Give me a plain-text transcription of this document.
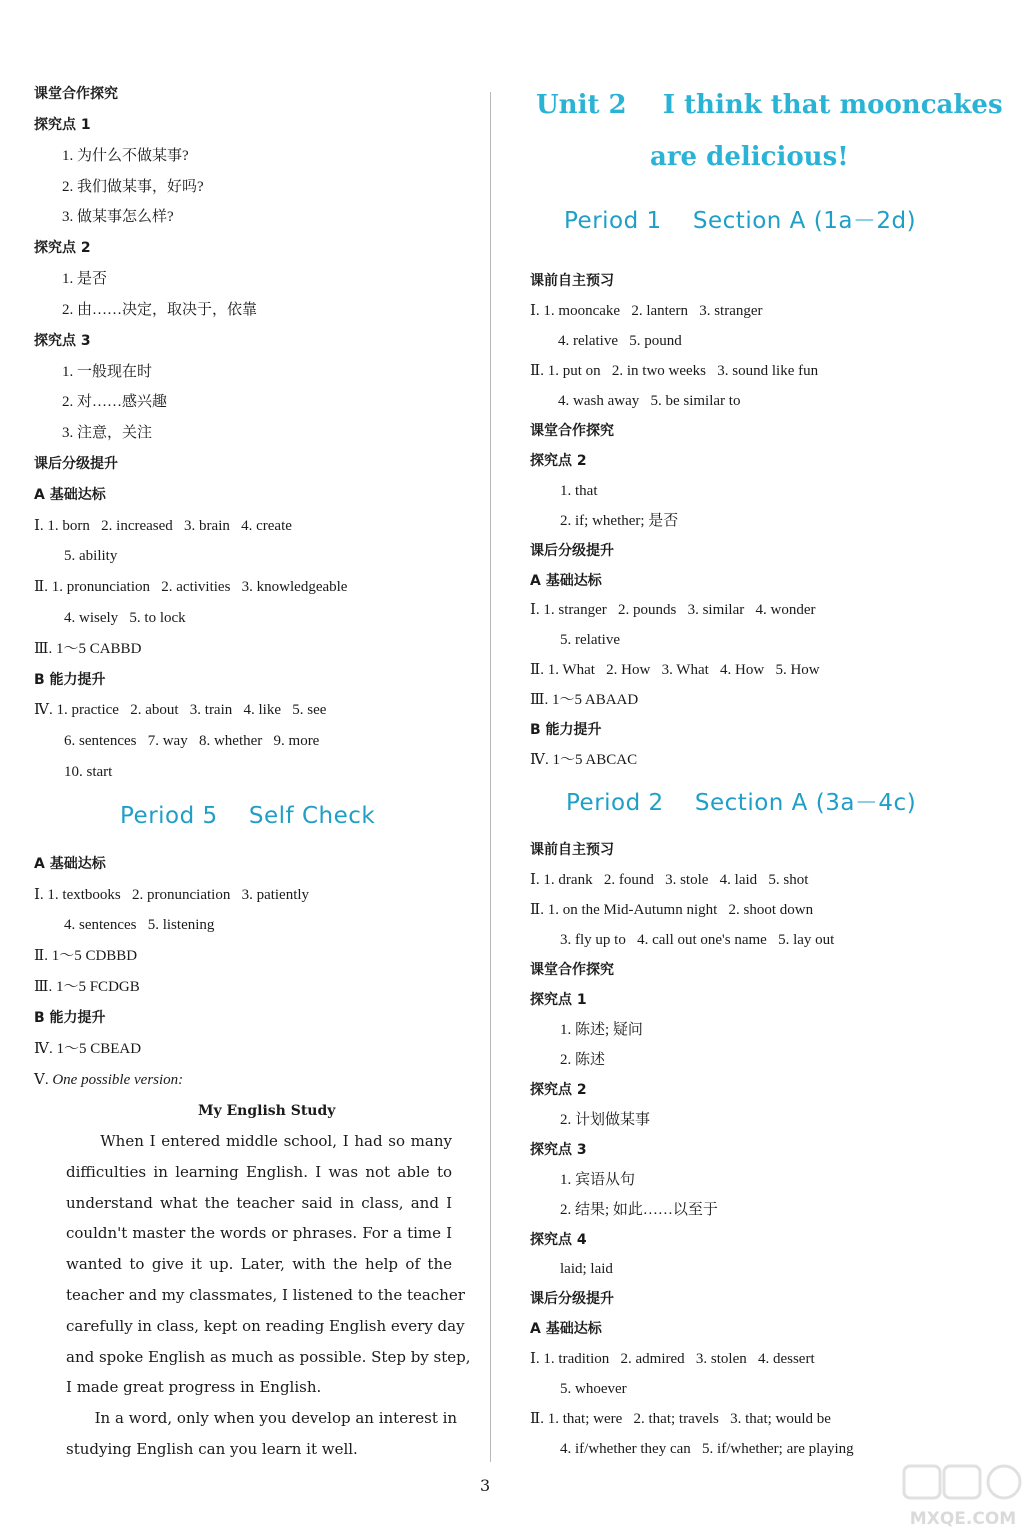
课堂合作探究
探究点 1
1. 为什么不做某事?
2. 我们做某事，好吗?
3. 做某事怎么样?
探究点 2
1. 是否
2. 由……决定，取决于，依靠
探究点 3
1. 一般现在时
2. 对……感兴趣
3. 注意，关注
课后分级提升
A 基础达标
Ⅰ. 1. born   2. increased   3. brain   4. create
5. ability
Ⅱ. 1. pronunciation   2. activities   3. knowledgeable
4. wisely   5. to lock
Ⅲ. 1～5 CABBD
B 能力提升
Ⅳ. 1. practice   2. about   3. train   4. like   5. see
6. sentences   7. way   8. whether   9. more
10. start
Period 5    Self Check
A 基础达标
Ⅰ. 1. textbooks   2. pronunciation   3. patiently
4. sentences   5. listening
Ⅱ. 1～5 CDBBD
Ⅲ. 1～5 FCDGB
B 能力提升
Ⅳ. 1～5 CBEAD
Ⅴ. One possible version:
My English Study
When I entered middle school, I had so many
difficulties in learning English. I was not able to
understand what the teacher said in class, and I
couldn't master the words or phrases. For a time I
wanted to give it up. Later, with the help of the
teacher and my classmates, I listened to the teacher
carefully in class, kept on reading English every day
and spoke English as much as possible. Step by step,
I made great progress in English.
In a word, only when you develop an interest in
studying English can you learn it well.
Unit 2    I think that mooncakes
are delicious!
Period 1    Section A (1a－2d)
课前自主预习
Ⅰ. 1. mooncake   2. lantern   3. stranger
4. relative   5. pound
Ⅱ. 1. put on   2. in two weeks   3. sound like fun
4. wash away   5. be similar to
课堂合作探究
探究点 2
1. that
2. if; whether; 是否
课后分级提升
A 基础达标
Ⅰ. 1. stranger   2. pounds   3. similar   4. wonder
5. relative
Ⅱ. 1. What   2. How   3. What   4. How   5. How
Ⅲ. 1～5 ABAAD
B 能力提升
Ⅳ. 1～5 ABCAC
Period 2    Section A (3a－4c)
课前自主预习
Ⅰ. 1. drank   2. found   3. stole   4. laid   5. shot
Ⅱ. 1. on the Mid-Autumn night   2. shoot down
3. fly up to   4. call out one's name   5. lay out
课堂合作探究
探究点 1
1. 陈述; 疑问
2. 陈述
探究点 2
2. 计划做某事
探究点 3
1. 宾语从句
2. 结果; 如此……以至于
探究点 4
laid; laid
课后分级提升
A 基础达标
Ⅰ. 1. tradition   2. admired   3. stolen   4. dessert
5. whoever
Ⅱ. 1. that; were   2. that; travels   3. that; would be
4. if/whether they can   5. if/whether; are playing
3
MXQE.COM
